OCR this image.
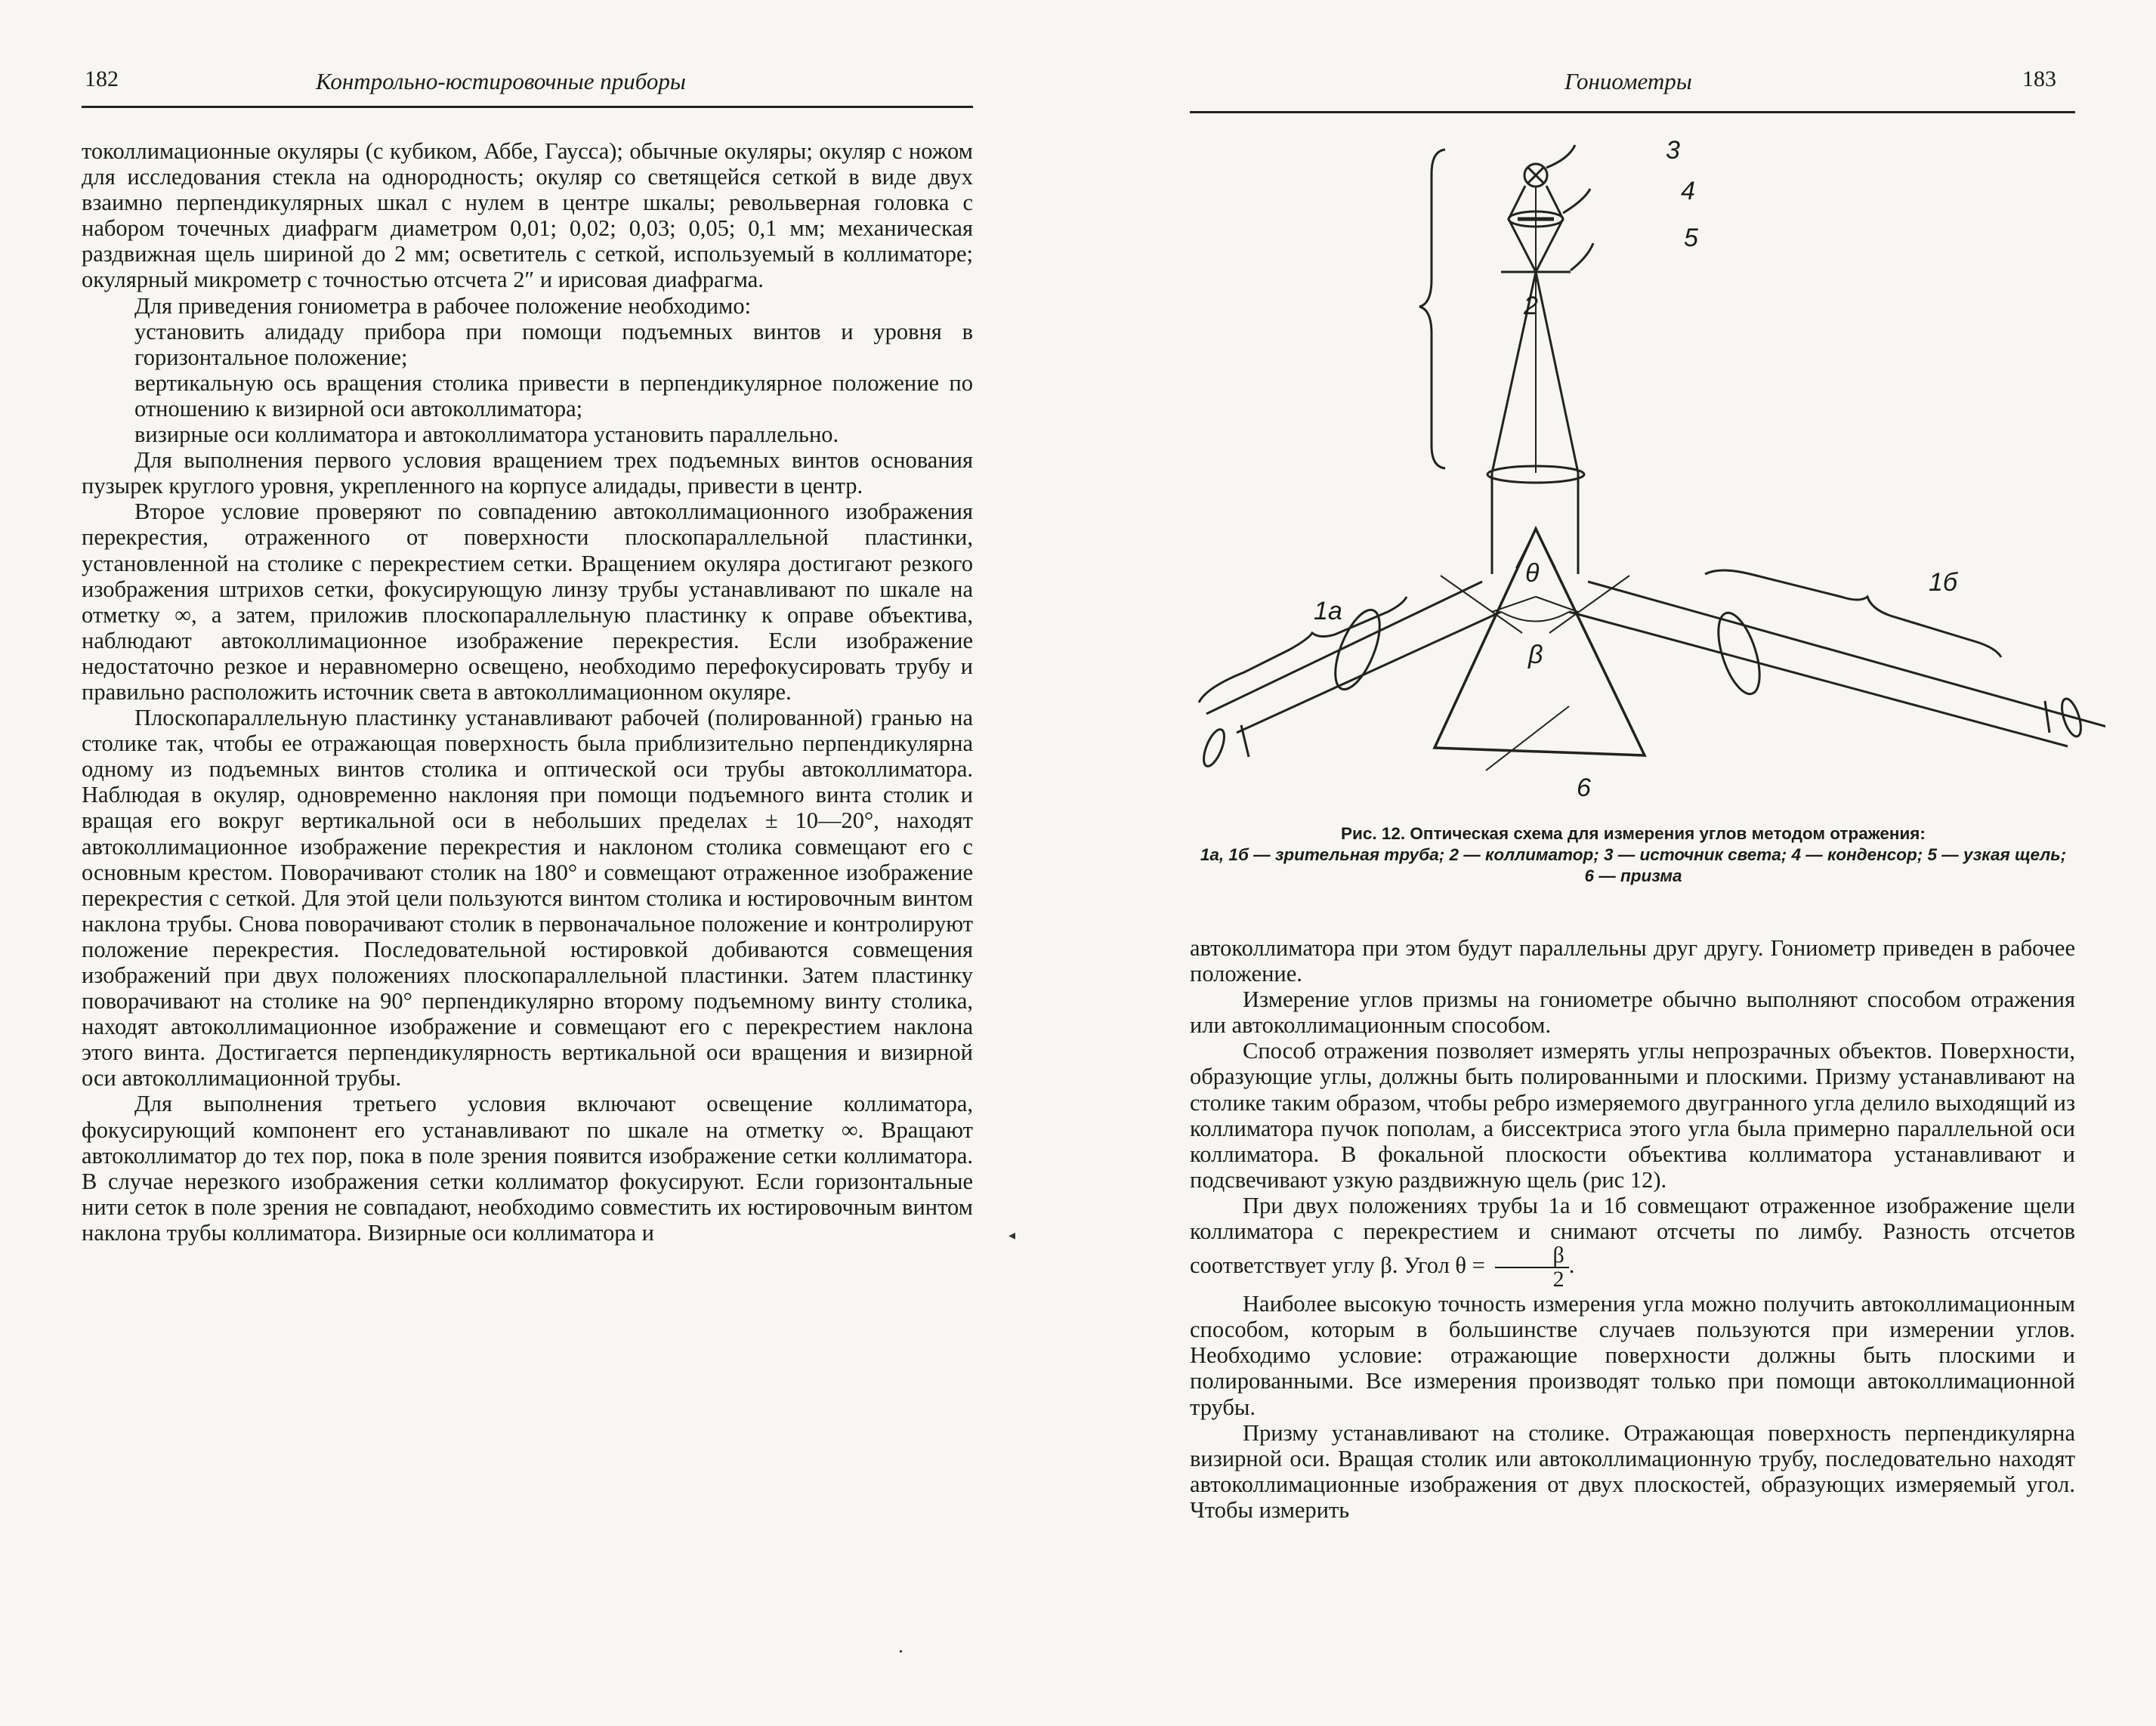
182	Контрольно-юстировочные приборы

токоллимационные окуляры (с кубиком, Аббе, Гаусса); обычные окуляры; окуляр с ножом для исследования стекла на однородность; окуляр со светящейся сеткой в виде двух взаимно перпендикулярных шкал с нулем в центре шкалы; револьверная головка с набором точечных диафрагм диаметром 0,01; 0,02; 0,03; 0,05; 0,1 мм; механическая раздвижная щель шириной до 2 мм; осветитель с сеткой, используемый в коллиматоре; окулярный микрометр с точностью отсчета 2″ и ирисовая диафрагма.

Для приведения гониометра в рабочее положение необходимо:

установить алидаду прибора при помощи подъемных винтов и уровня в горизонтальное положение;

вертикальную ось вращения столика привести в перпендикулярное положение по отношению к визирной оси автоколлиматора;

визирные оси коллиматора и автоколлиматора установить параллельно.

Для выполнения первого условия вращением трех подъемных винтов основания пузырек круглого уровня, укрепленного на корпусе алидады, привести в центр.

Второе условие проверяют по совпадению автоколлимационного изображения перекрестия, отраженного от поверхности плоскопараллельной пластинки, установленной на столике с перекрестием сетки. Вращением окуляра достигают резкого изображения штрихов сетки, фокусирующую линзу трубы устанавливают по шкале на отметку ∞, а затем, приложив плоскопараллельную пластинку к оправе объектива, наблюдают автоколлимационное изображение перекрестия. Если изображение недостаточно резкое и неравномерно освещено, необходимо перефокусировать трубу и правильно расположить источник света в автоколлимационном окуляре.

Плоскопараллельную пластинку устанавливают рабочей (полированной) гранью на столике так, чтобы ее отражающая поверхность была приблизительно перпендикулярна одному из подъемных винтов столика и оптической оси трубы автоколлиматора. Наблюдая в окуляр, одновременно наклоняя при помощи подъемного винта столик и вращая его вокруг вертикальной оси в небольших пределах ± 10—20°, находят автоколлимационное изображение перекрестия и наклоном столика совмещают его с основным крестом. Поворачивают столик на 180° и совмещают отраженное изображение перекрестия с сеткой. Для этой цели пользуются винтом столика и юстировочным винтом наклона трубы. Снова поворачивают столик в первоначальное положение и контролируют положение перекрестия. Последовательной юстировкой добиваются совмещения изображений при двух положениях плоскопараллельной пластинки. Затем пластинку поворачивают на столике на 90° перпендикулярно второму подъемному винту столика, находят автоколлимационное изображение и совмещают его с перекрестием наклона этого винта. Достигается перпендикулярность вертикальной оси вращения и визирной оси автоколлимационной трубы.

Для выполнения третьего условия включают освещение коллиматора, фокусирующий компонент его устанавливают по шкале на отметку ∞. Вращают автоколлиматор до тех пор, пока в поле зрения появится изображение сетки коллиматора. В случае нерезкого изображения сетки коллиматор фокусируют. Если горизонтальные нити сеток в поле зрения не совпадают, необходимо совместить их юстировочным винтом наклона трубы коллиматора. Визирные оси коллиматора и	◂
•
Гониометры	183
3
4
5
2
θ
β
1а
1б
6

Рис. 12. Оптическая схема для измерения углов методом отражения:

1а, 1б — зрительная труба; 2 — коллиматор; 3 — источник света; 4 — конденсор; 5 — узкая щель; 6 — призма

автоколлиматора при этом будут параллельны друг другу. Гониометр приведен в рабочее положение.

Измерение углов призмы на гониометре обычно выполняют способом отражения или автоколлимационным способом.

Способ отражения позволяет измерять углы непрозрачных объектов. Поверхности, образующие углы, должны быть полированными и плоскими. Призму устанавливают на столике таким образом, чтобы ребро измеряемого двугранного угла делило выходящий из коллиматора пучок пополам, а биссектриса этого угла была примерно параллельной оси коллиматора. В фокальной плоскости объектива коллиматора устанавливают и подсвечивают узкую раздвижную щель (рис 12).

При двух положениях трубы 1а и 1б совмещают отраженное изображение щели коллиматора с перекрестием и снимают отсчеты по лимбу. Разность отсчетов соответствует углу β. Угол $\theta = \frac{\beta}{2}$ .

Наиболее высокую точность измерения угла можно получить автоколлимационным способом, которым в большинстве случаев пользуются при измерении углов. Необходимо условие: отражающие поверхности должны быть плоскими и полированными. Все измерения производят только при помощи автоколлимационной трубы.

Призму устанавливают на столике. Отражающая поверхность перпендикулярна визирной оси. Вращая столик или автоколлимационную трубу, последовательно находят автоколлимационные изображения от двух плоскостей, образующих измеряемый угол. Чтобы измерить
